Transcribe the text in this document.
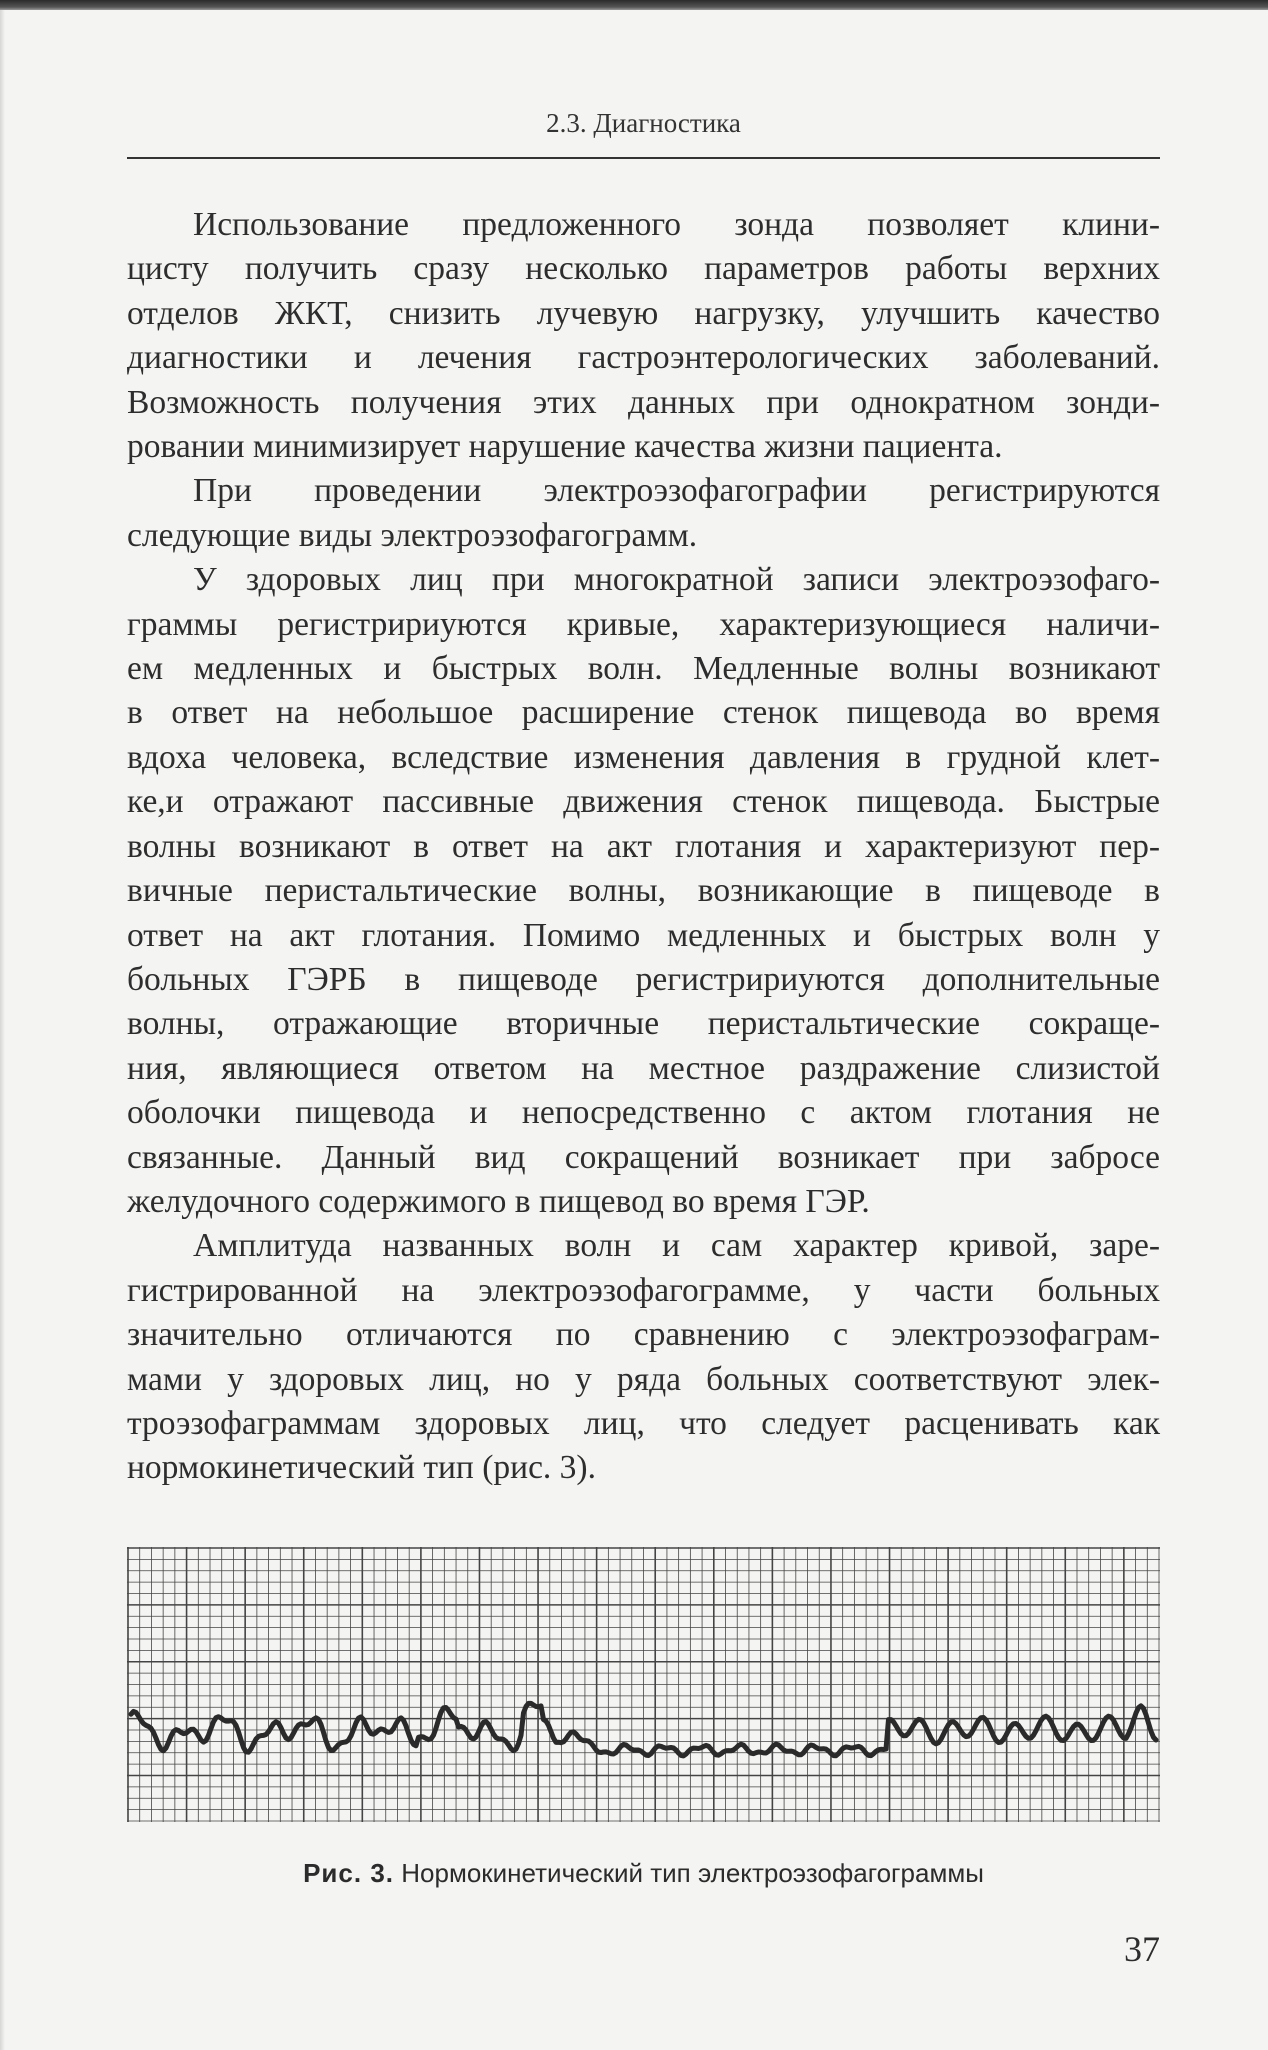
2.3. Диагностика
Использование предложенного зонда позволяет клини-
цисту получить сразу несколько параметров работы верхних
отделов ЖКТ, снизить лучевую нагрузку, улучшить качество
диагностики и лечения гастроэнтерологических заболеваний.
Возможность получения этих данных при однократном зонди-
ровании минимизирует нарушение качества жизни пациента.
При проведении электроэзофагографии регистрируются
следующие виды электроэзофагограмм.
У здоровых лиц при многократной записи электроэзофаго-
граммы регистририуются кривые, характеризующиеся наличи-
ем медленных и быстрых волн. Медленные волны возникают
в ответ на небольшое расширение стенок пищевода во время
вдоха человека, вследствие изменения давления в грудной клет-
ке,и отражают пассивные движения стенок пищевода. Быстрые
волны возникают в ответ на акт глотания и характеризуют пер-
вичные перистальтические волны, возникающие в пищеводе в
ответ на акт глотания. Помимо медленных и быстрых волн у
больных ГЭРБ в пищеводе регистририуются дополнительные
волны, отражающие вторичные перистальтические сокраще-
ния, являющиеся ответом на местное раздражение слизистой
оболочки пищевода и непосредственно с актом глотания не
связанные. Данный вид сокращений возникает при забросе
желудочного содержимого в пищевод во время ГЭР.
Амплитуда названных волн и сам характер кривой, заре-
гистрированной на электроэзофагограмме, у части больных
значительно отличаются по сравнению с электроэзофаграм-
мами у здоровых лиц, но у ряда больных соответствуют элек-
троэзофаграммам здоровых лиц, что следует расценивать как
нормокинетический тип (рис. 3).
Рис. 3. Нормокинетический тип электроэзофагограммы
37
